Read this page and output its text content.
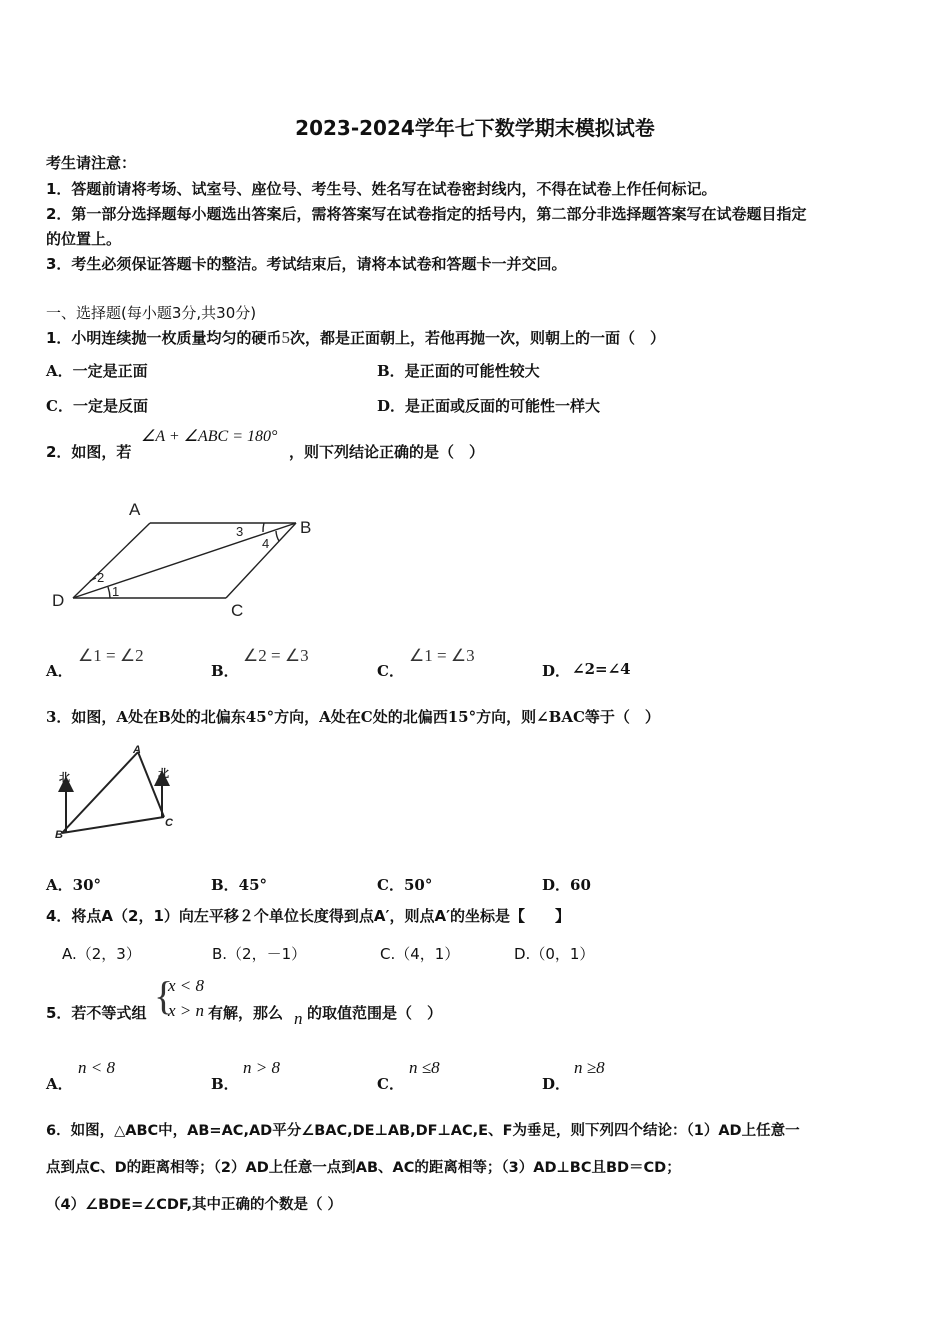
2023-2024学年七下数学期末模拟试卷
考生请注意：
1．答题前请将考场、试室号、座位号、考生号、姓名写在试卷密封线内，不得在试卷上作任何标记。
2．第一部分选择题每小题选出答案后，需将答案写在试卷指定的括号内，第二部分非选择题答案写在试卷题目指定
的位置上。
3．考生必须保证答题卡的整洁。考试结束后，请将本试卷和答题卡一并交回。
一、选择题(每小题3分,共30分)
1．小明连续抛一枚质量均匀的硬币5次，都是正面朝上，若他再抛一次，则朝上的一面（　）
A．一定是正面	B．是正面的可能性较大
C．一定是反面	D．是正面或反面的可能性一样大
2．如图，若
∠A + ∠ABC = 180°
，则下列结论正确的是（　）
A
B
C
D	1
2
3
4
A．
∠1 = ∠2
B．
∠2 = ∠3
C．
∠1 = ∠3
D． ∠2=∠4
3．如图，A处在B处的北偏东45°方向，A处在C处的北偏西15°方向，则∠BAC等于（　）
A
B
C
北	北
A．30°	B．45°	C．50°	D．60
4．将点A（2，1）向左平移２个单位长度得到点A′，则点A′的坐标是【　　】
A.（2，3）	B.（2，－1）	C.（4，1）	D.（0，1）
5．若不等式组 {
x < 8
x > n 有解，那么 n 的取值范围是（　）
A．
n < 8
B．
n > 8
C．
n ≤8
D．
n ≥8
6．如图，△ABC中，AB=AC,AD平分∠BAC,DE⊥AB,DF⊥AC,E、F为垂足，则下列四个结论：（1）AD上任意一
点到点C、D的距离相等；（2）AD上任意一点到AB、AC的距离相等；（3）AD⊥BC且BD＝CD；
（4）∠BDE=∠CDF,其中正确的个数是（ ）
